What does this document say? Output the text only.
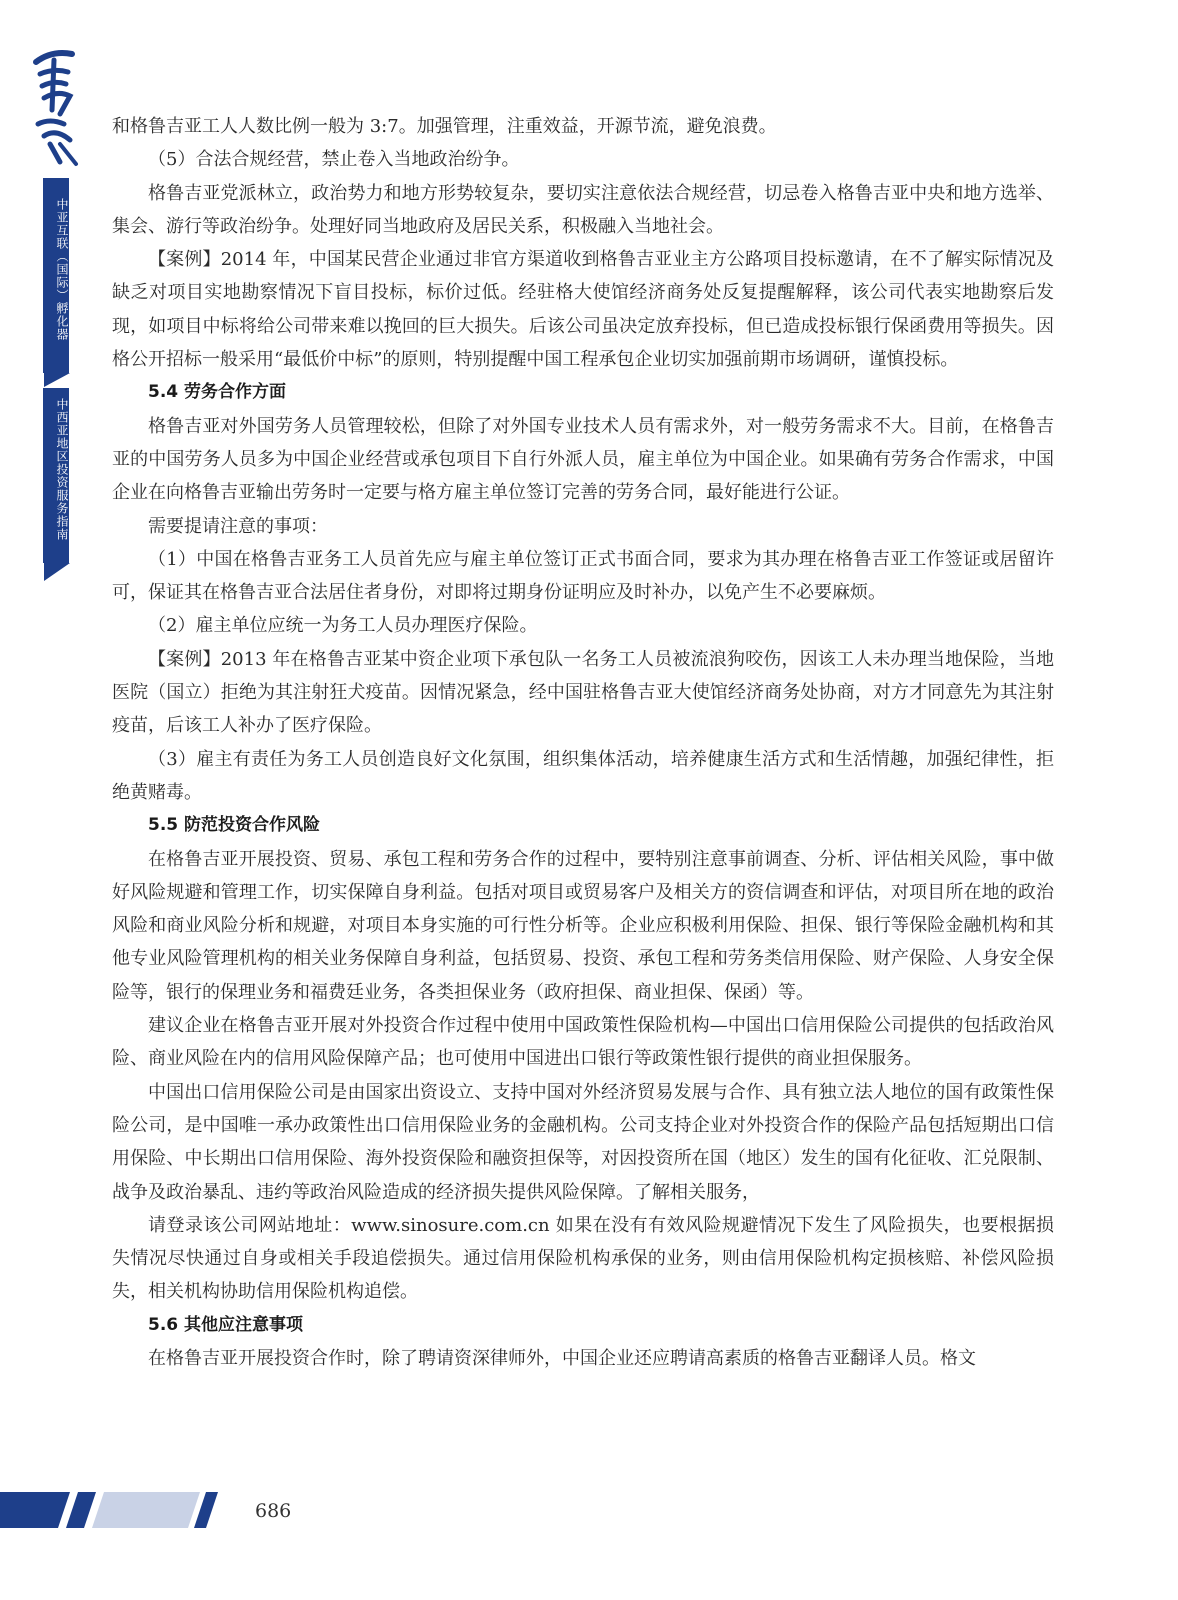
中亚互联（国际）孵化器
中西亚地区投资服务指南

和格鲁吉亚工人人数比例一般为 3:7。加强管理，注重效益，开源节流，避免浪费。

（5）合法合规经营，禁止卷入当地政治纷争。

格鲁吉亚党派林立，政治势力和地方形势较复杂，要切实注意依法合规经营，切忌卷入格鲁吉亚中央和地方选举、集会、游行等政治纷争。处理好同当地政府及居民关系，积极融入当地社会。

【案例】2014 年，中国某民营企业通过非官方渠道收到格鲁吉亚业主方公路项目投标邀请，在不了解实际情况及缺乏对项目实地勘察情况下盲目投标，标价过低。经驻格大使馆经济商务处反复提醒解释，该公司代表实地勘察后发现，如项目中标将给公司带来难以挽回的巨大损失。后该公司虽决定放弃投标，但已造成投标银行保函费用等损失。因格公开招标一般采用“最低价中标”的原则，特别提醒中国工程承包企业切实加强前期市场调研，谨慎投标。

5.4 劳务合作方面

格鲁吉亚对外国劳务人员管理较松，但除了对外国专业技术人员有需求外，对一般劳务需求不大。目前，在格鲁吉亚的中国劳务人员多为中国企业经营或承包项目下自行外派人员，雇主单位为中国企业。如果确有劳务合作需求，中国企业在向格鲁吉亚输出劳务时一定要与格方雇主单位签订完善的劳务合同，最好能进行公证。

需要提请注意的事项：

（1）中国在格鲁吉亚务工人员首先应与雇主单位签订正式书面合同，要求为其办理在格鲁吉亚工作签证或居留许可，保证其在格鲁吉亚合法居住者身份，对即将过期身份证明应及时补办，以免产生不必要麻烦。

（2）雇主单位应统一为务工人员办理医疗保险。

【案例】2013 年在格鲁吉亚某中资企业项下承包队一名务工人员被流浪狗咬伤，因该工人未办理当地保险，当地医院（国立）拒绝为其注射狂犬疫苗。因情况紧急，经中国驻格鲁吉亚大使馆经济商务处协商，对方才同意先为其注射疫苗，后该工人补办了医疗保险。

（3）雇主有责任为务工人员创造良好文化氛围，组织集体活动，培养健康生活方式和生活情趣，加强纪律性，拒绝黄赌毒。

5.5 防范投资合作风险

在格鲁吉亚开展投资、贸易、承包工程和劳务合作的过程中，要特别注意事前调查、分析、评估相关风险，事中做好风险规避和管理工作，切实保障自身利益。包括对项目或贸易客户及相关方的资信调查和评估，对项目所在地的政治风险和商业风险分析和规避，对项目本身实施的可行性分析等。企业应积极利用保险、担保、银行等保险金融机构和其他专业风险管理机构的相关业务保障自身利益，包括贸易、投资、承包工程和劳务类信用保险、财产保险、人身安全保险等，银行的保理业务和福费廷业务，各类担保业务（政府担保、商业担保、保函）等。

建议企业在格鲁吉亚开展对外投资合作过程中使用中国政策性保险机构—中国出口信用保险公司提供的包括政治风险、商业风险在内的信用风险保障产品；也可使用中国进出口银行等政策性银行提供的商业担保服务。

中国出口信用保险公司是由国家出资设立、支持中国对外经济贸易发展与合作、具有独立法人地位的国有政策性保险公司，是中国唯一承办政策性出口信用保险业务的金融机构。公司支持企业对外投资合作的保险产品包括短期出口信用保险、中长期出口信用保险、海外投资保险和融资担保等，对因投资所在国（地区）发生的国有化征收、汇兑限制、战争及政治暴乱、违约等政治风险造成的经济损失提供风险保障。了解相关服务，

请登录该公司网站地址：www.sinosure.com.cn 如果在没有有效风险规避情况下发生了风险损失，也要根据损失情况尽快通过自身或相关手段追偿损失。通过信用保险机构承保的业务，则由信用保险机构定损核赔、补偿风险损失，相关机构协助信用保险机构追偿。

5.6 其他应注意事项

在格鲁吉亚开展投资合作时，除了聘请资深律师外，中国企业还应聘请高素质的格鲁吉亚翻译人员。格文

686
